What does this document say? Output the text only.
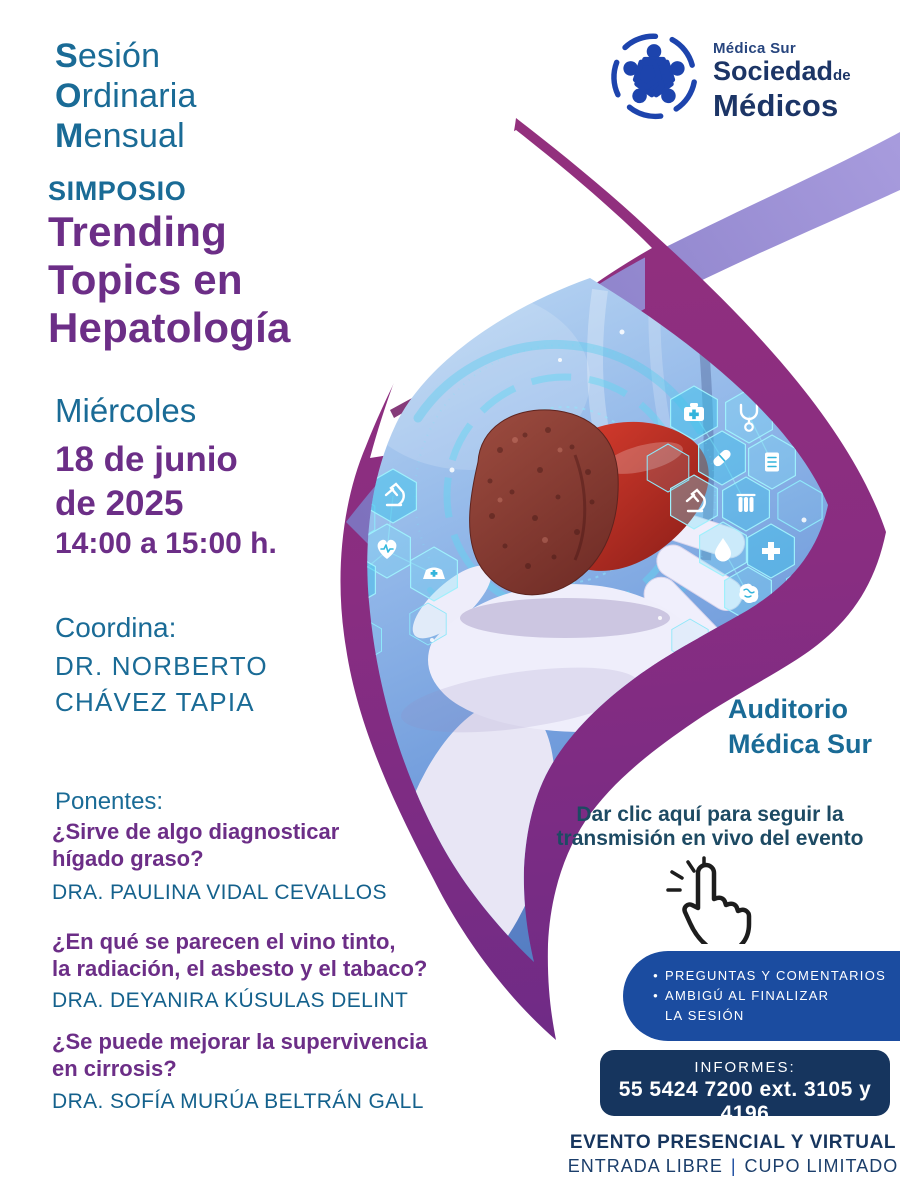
Sesión
Ordinaria
Mensual
Médica Sur
Sociedadde
Médicos
SIMPOSIO
Trending
Topics en
Hepatología
Miércoles
18 de junio
de 2025
14:00 a 15:00 h.
Coordina:
DR. NORBERTO
CHÁVEZ TAPIA	Auditorio
Médica Sur
Ponentes:
¿Sirve de algo diagnosticar
hígado graso?
DRA. PAULINA VIDAL CEVALLOS
¿En qué se parecen el vino tinto,
la radiación, el asbesto y el tabaco?
DRA. DEYANIRA KÚSULAS DELINT
¿Se puede mejorar la supervivencia
en cirrosis?
DRA. SOFÍA MURÚA BELTRÁN GALL
Dar clic aquí para seguir la
transmisión en vivo del evento
• PREGUNTAS Y COMENTARIOS
• AMBIGÚ AL FINALIZAR
LA SESIÓN
INFORMES:
55 5424 7200 ext. 3105 y 4196
EVENTO PRESENCIAL Y VIRTUAL
ENTRADA LIBRE | CUPO LIMITADO
